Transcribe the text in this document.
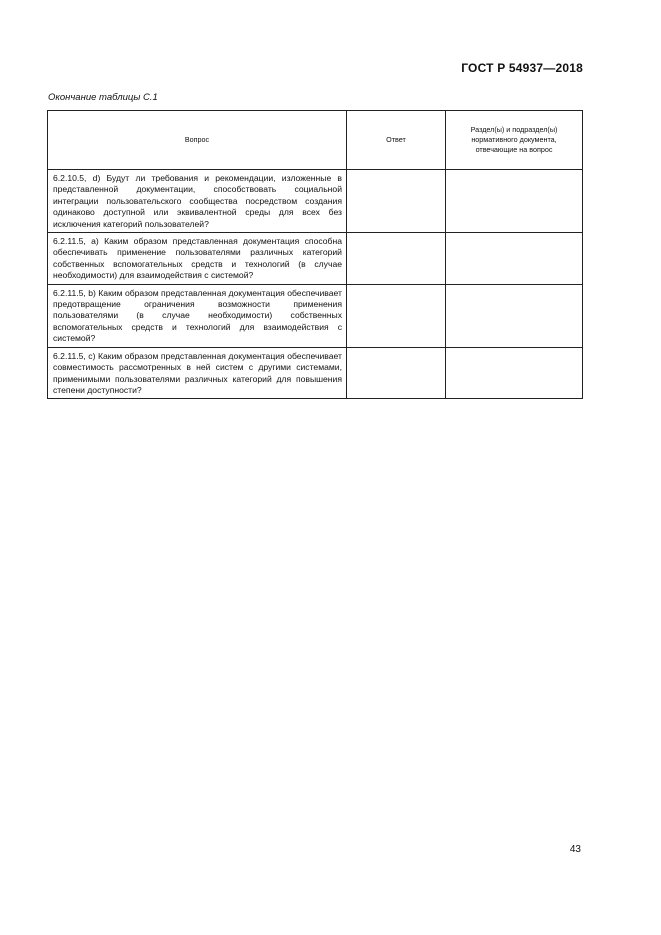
ГОСТ Р 54937—2018
Окончание таблицы С.1
Вопрос	Ответ	Раздел(ы) и подраздел(ы) нормативного документа, отвечающие на вопрос
6.2.10.5, d) Будут ли требования и рекомендации, изложенные в представленной документации, способствовать социальной интеграции пользовательского сообщества посредством создания одинаково доступной или эквивалентной среды для всех без исключения категорий пользователей?		
6.2.11.5, a) Каким образом представленная документация способна обеспечивать применение пользователями различных категорий собственных вспомогательных средств и технологий (в случае необходимости) для взаимодействия с системой?		
6.2.11.5, b) Каким образом представленная документация обеспечивает предотвращение ограничения возможности применения пользователями (в случае необходимости) собственных вспомогательных средств и технологий для взаимодействия с системой?		
6.2.11.5, c) Каким образом представленная документация обеспечивает совместимость рассмотренных в ней систем с другими системами, применимыми пользователями различных категорий для повышения степени доступности?		
43
